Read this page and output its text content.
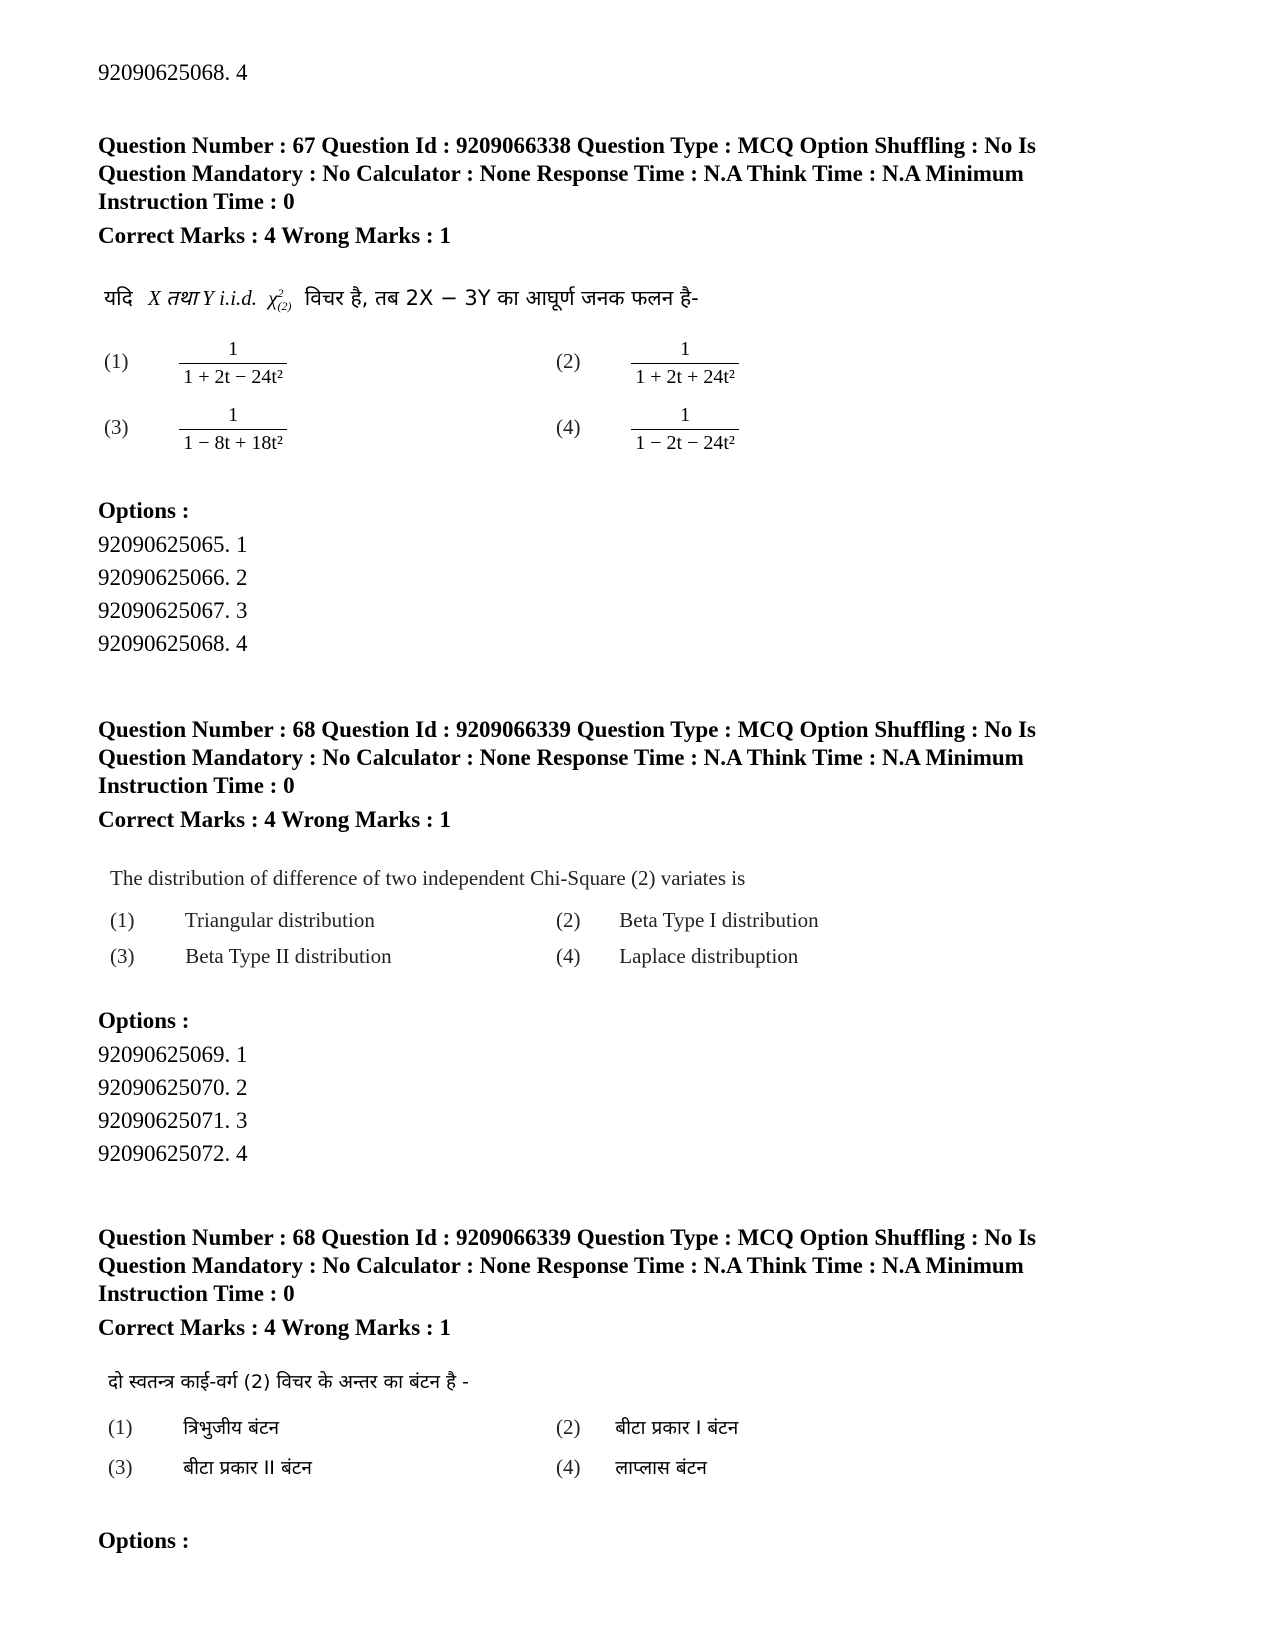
92090625068. 4
Question Number : 67 Question Id : 9209066338 Question Type : MCQ Option Shuffling : No Is
Question Mandatory : No Calculator : None Response Time : N.A Think Time : N.A Minimum
Instruction Time : 0
Correct Marks : 4 Wrong Marks : 1
यदि X तथा Y i.i.d. $\chi^2_{(2)}$ विचर है, तब 2X − 3Y का आघूर्ण जनक फलन है-
(1)	$\frac{1}{\text{1 + 2t − 24t²}}$	(2)	$\frac{1}{\text{1 + 2t + 24t²}}$
(3)	$\frac{1}{\text{1 − 8t + 18t²}}$	(4)	$\frac{1}{\text{1 − 2t − 24t²}}$
Options :
92090625065. 1
92090625066. 2
92090625067. 3
92090625068. 4
Question Number : 68 Question Id : 9209066339 Question Type : MCQ Option Shuffling : No Is
Question Mandatory : No Calculator : None Response Time : N.A Think Time : N.A Minimum
Instruction Time : 0
Correct Marks : 4 Wrong Marks : 1
The distribution of difference of two independent Chi-Square (2) variates is
(1) Triangular distribution	(2) Beta Type I distribution
(3) Beta Type II distribution	(4) Laplace distribuption
Options :
92090625069. 1
92090625070. 2
92090625071. 3
92090625072. 4
Question Number : 68 Question Id : 9209066339 Question Type : MCQ Option Shuffling : No Is
Question Mandatory : No Calculator : None Response Time : N.A Think Time : N.A Minimum
Instruction Time : 0
Correct Marks : 4 Wrong Marks : 1
दो स्वतन्त्र काई-वर्ग (2) विचर के अन्तर का बंटन है -
(1)	त्रिभुजीय बंटन	(2) बीटा प्रकार I बंटन
(3)	बीटा प्रकार II बंटन	(4) लाप्लास बंटन
Options :
